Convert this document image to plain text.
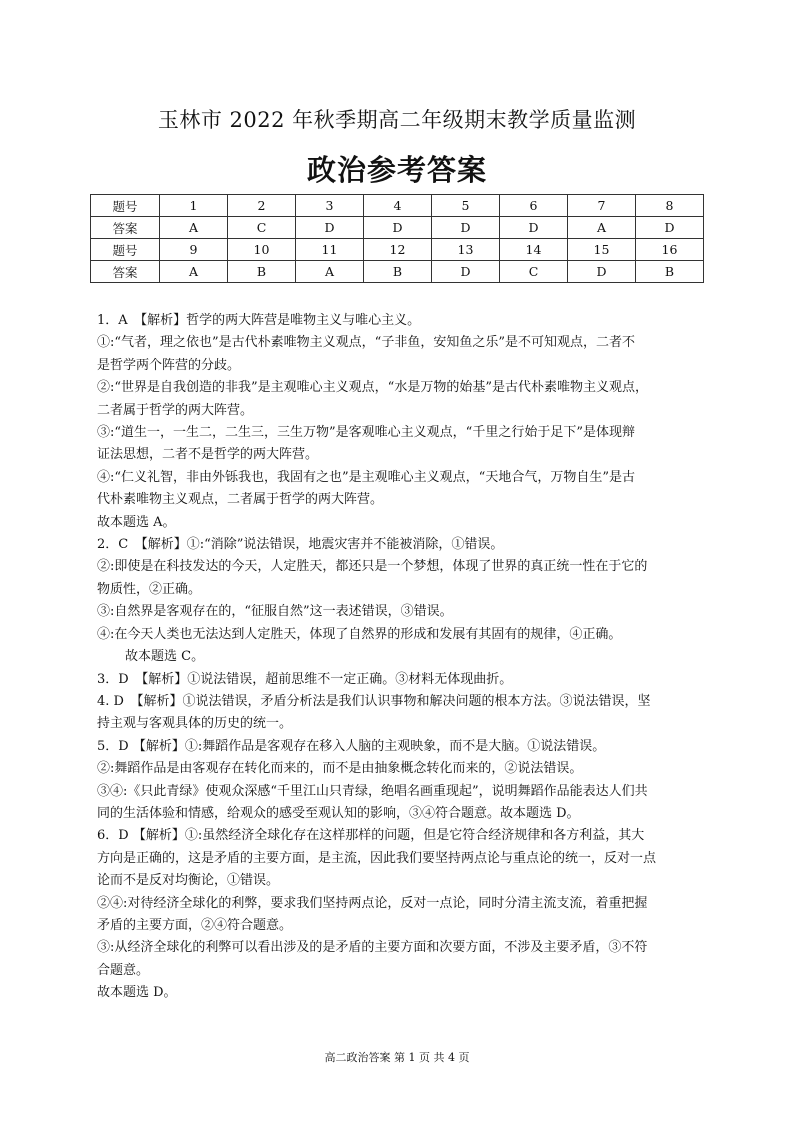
玉林市 2022 年秋季期高二年级期末教学质量监测
政治参考答案
题号	1	2	3	4	5	6	7	8
答案	A	C	D	D	D	D	A	D
题号	9	10	11	12	13	14	15	16
答案	A	B	A	B	D	C	D	B

1．A　【解析】哲学的两大阵营是唯物主义与唯心主义。

①:“气者，理之依也”是古代朴素唯物主义观点，“子非鱼，安知鱼之乐”是不可知观点，二者不

是哲学两个阵营的分歧。

②:“世界是自我创造的非我”是主观唯心主义观点，“水是万物的始基”是古代朴素唯物主义观点，

二者属于哲学的两大阵营。

③:“道生一，一生二，二生三，三生万物”是客观唯心主义观点，“千里之行始于足下”是体现辩

证法思想，二者不是哲学的两大阵营。

④:“仁义礼智，非由外铄我也，我固有之也”是主观唯心主义观点，“天地合气，万物自生”是古

代朴素唯物主义观点，二者属于哲学的两大阵营。

故本题选 A。

2．C　【解析】①:“消除”说法错误，地震灾害并不能被消除，①错误。

②:即使是在科技发达的今天，人定胜天，都还只是一个梦想，体现了世界的真正统一性在于它的

物质性，②正确。

③:自然界是客观存在的，“征服自然”这一表述错误，③错误。

④:在今天人类也无法达到人定胜天，体现了自然界的形成和发展有其固有的规律，④正确。

故本题选 C。

3．D　【解析】①说法错误，超前思维不一定正确。③材料无体现曲折。

4. D　【解析】①说法错误，矛盾分析法是我们认识事物和解决问题的根本方法。③说法错误，坚

持主观与客观具体的历史的统一。

5．D 【解析】①:舞蹈作品是客观存在移入人脑的主观映象，而不是大脑。①说法错误。

②:舞蹈作品是由客观存在转化而来的，而不是由抽象概念转化而来的，②说法错误。

③④:《只此青绿》使观众深感“千里江山只青绿，绝唱名画重现起”，说明舞蹈作品能表达人们共

同的生活体验和情感，给观众的感受至观认知的影响，③④符合题意。故本题选 D。

6．D 【解析】①:虽然经济全球化存在这样那样的问题，但是它符合经济规律和各方利益，其大

方向是正确的，这是矛盾的主要方面，是主流，因此我们要坚持两点论与重点论的统一，反对一点

论而不是反对均衡论，①错误。

②④:对待经济全球化的利弊，要求我们坚持两点论，反对一点论，同时分清主流支流，着重把握

矛盾的主要方面，②④符合题意。

③:从经济全球化的利弊可以看出涉及的是矛盾的主要方面和次要方面，不涉及主要矛盾，③不符

合题意。

故本题选 D。

高二政治答案 第 1 页 共 4 页
